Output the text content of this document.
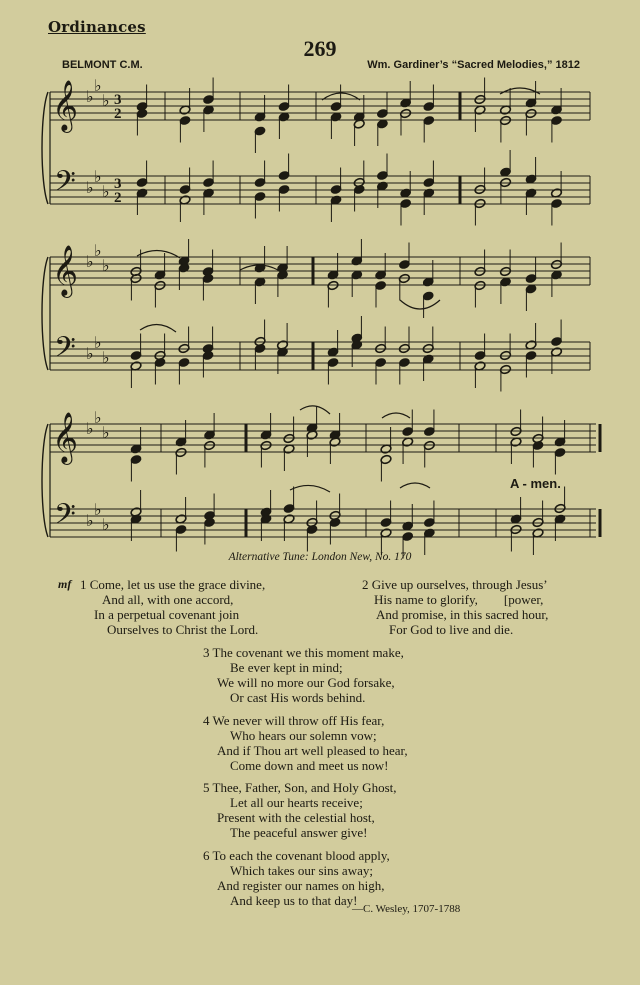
Ordinances
269
BELMONT C.M.	Wm. Gardiner’s “Sacred Melodies,” 1812
𝄞
𝄢
♭
♭
♭
♭
♭
♭
3
2
3
2
𝄞
𝄢
♭
♭
♭
♭
♭
♭
𝄞
𝄢
♭
♭
♭
♭
♭
♭
A - men.
Alternative Tune: London New, No. 170
mf 1 Come, let us use the grace divine,
And all, with one accord,
In a perpetual covenant join
Ourselves to Christ the Lord.
2 Give up ourselves, through Jesus’
His name to glorify,        [power,
And promise, in this sacred hour,
For God to live and die.
3 The covenant we this moment make,
Be ever kept in mind;
We will no more our God forsake,
Or cast His words behind.
4 We never will throw off His fear,
Who hears our solemn vow;
And if Thou art well pleased to hear,
Come down and meet us now!
5 Thee, Father, Son, and Holy Ghost,
Let all our hearts receive;
Present with the celestial host,
The peaceful answer give!
6 To each the covenant blood apply,
Which takes our sins away;
And register our names on high,
And keep us to that day!
—C. Wesley, 1707-1788
